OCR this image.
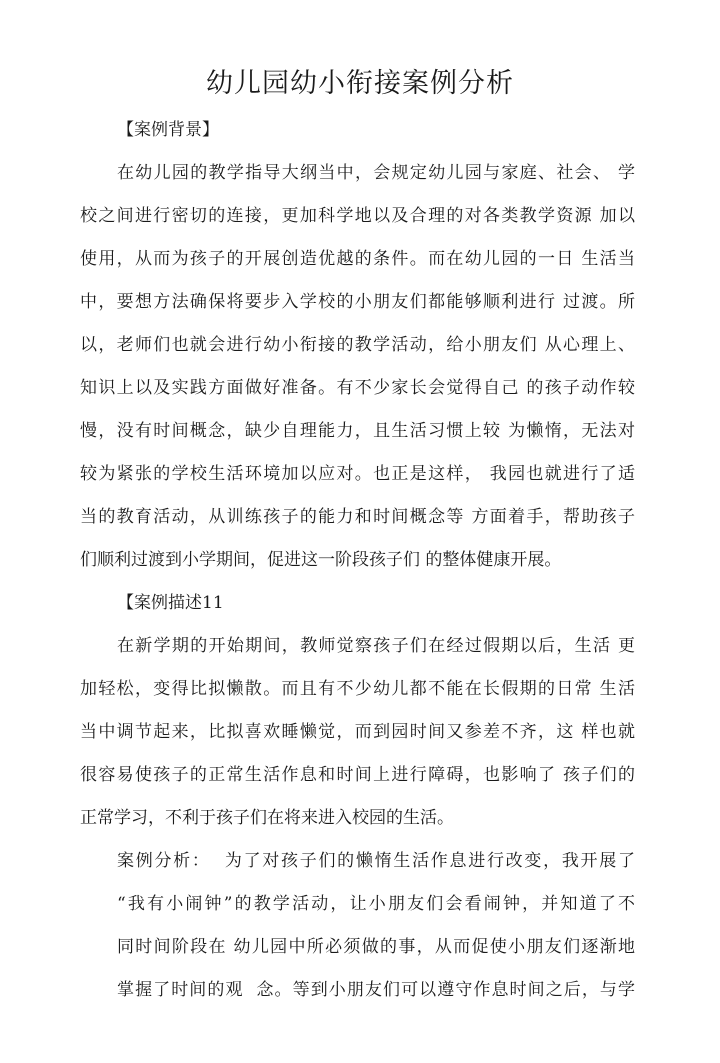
幼儿园幼小衔接案例分析
【案例背景】
在幼儿园的教学指导大纲当中，会规定幼儿园与家庭、社会、 学
校之间进行密切的连接，更加科学地以及合理的对各类教学资源 加以
使用，从而为孩子的开展创造优越的条件。而在幼儿园的一日 生活当
中，要想方法确保将要步入学校的小朋友们都能够顺利进行 过渡。所
以，老师们也就会进行幼小衔接的教学活动，给小朋友们 从心理上、
知识上以及实践方面做好准备。有不少家长会觉得自己 的孩子动作较
慢，没有时间概念，缺少自理能力，且生活习惯上较 为懒惰，无法对
较为紧张的学校生活环境加以应对。也正是这样， 我园也就进行了适
当的教育活动，从训练孩子的能力和时间概念等 方面着手，帮助孩子
们顺利过渡到小学期间，促进这一阶段孩子们 的整体健康开展。
【案例描述11
在新学期的开始期间，教师觉察孩子们在经过假期以后，生活 更
加轻松，变得比拟懒散。而且有不少幼儿都不能在长假期的日常 生活
当中调节起来，比拟喜欢睡懒觉，而到园时间又参差不齐，这 样也就
很容易使孩子的正常生活作息和时间上进行障碍，也影响了 孩子们的
正常学习，不利于孩子们在将来进入校园的生活。
案例分析：  为了对孩子们的懒惰生活作息进行改变，我开展了
“我有小闹钟”的教学活动，让小朋友们会看闹钟，并知道了不
同时间阶段在 幼儿园中所必须做的事，从而促使小朋友们逐渐地
掌握了时间的观  念。等到小朋友们可以遵守作息时间之后，与学
